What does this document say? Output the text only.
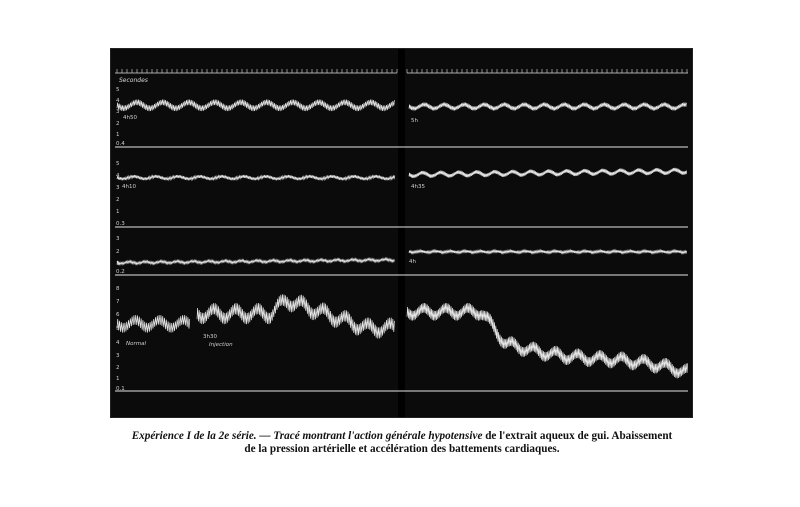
Secondes
5
4
3
2
1
0.4
4h50	5h
5
4
3
2
1
0.3
4h10	4h35
3
2
1
0.2
4h
8
7
6
5
4
3
2
1
0.1
Normal
3h30
Injection
Expérience I de la 2e série. — Tracé montrant l'action générale hypotensive de l'extrait aqueux de gui. Abaissement
de la pression artérielle et accélération des battements cardiaques.
